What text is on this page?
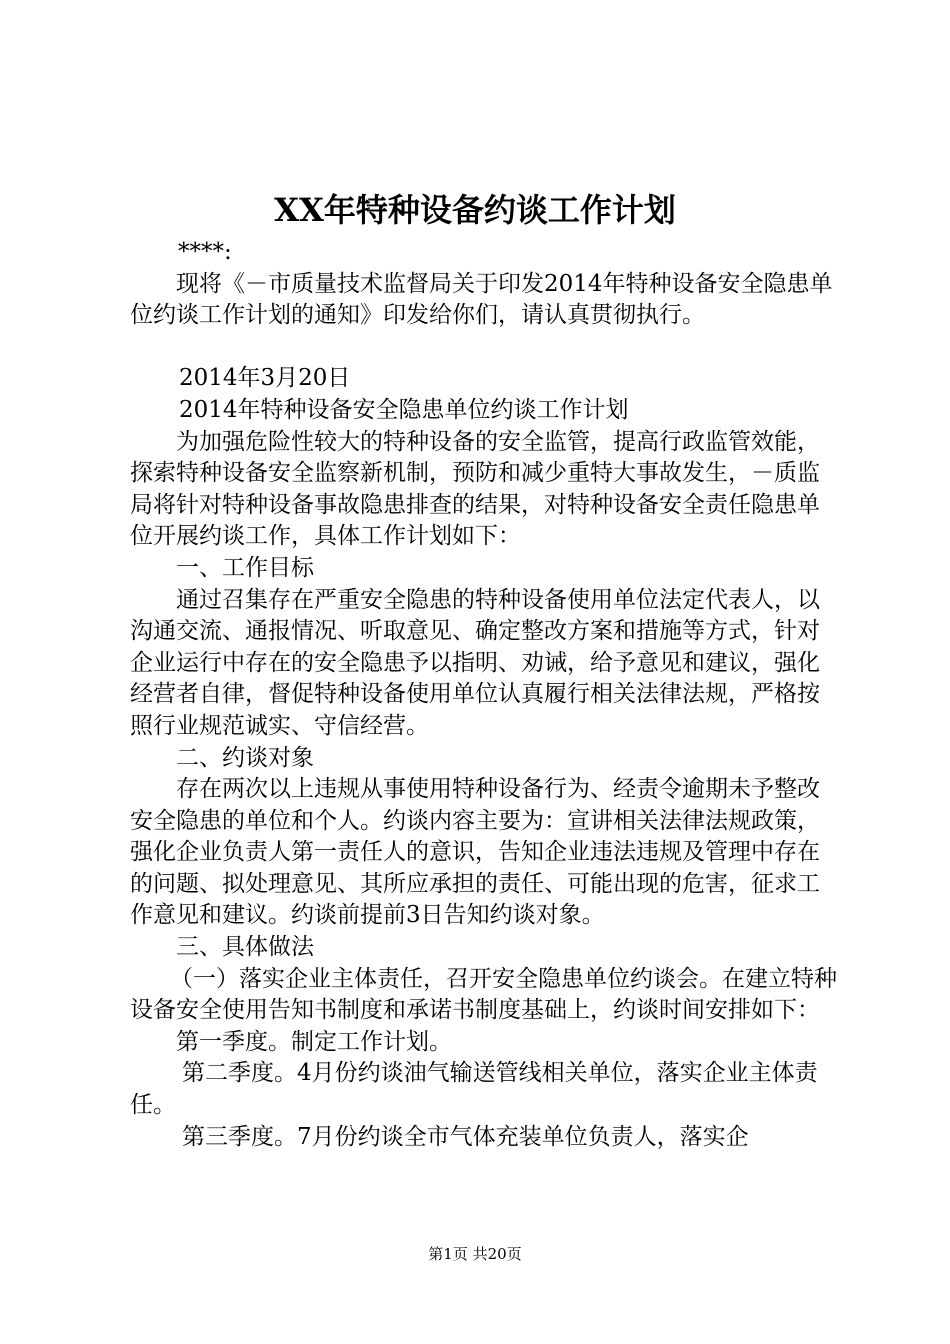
XX年特种设备约谈工作计划

****:

现将《－市质量技术监督局关于印发2014年特种设备安全隐患单位约谈工作计划的通知》印发给你们，请认真贯彻执行。

2014年3月20日

2014年特种设备安全隐患单位约谈工作计划

为加强危险性较大的特种设备的安全监管，提高行政监管效能，探索特种设备安全监察新机制，预防和减少重特大事故发生，－质监局将针对特种设备事故隐患排查的结果，对特种设备安全责任隐患单位开展约谈工作，具体工作计划如下：

一、工作目标

通过召集存在严重安全隐患的特种设备使用单位法定代表人，以沟通交流、通报情况、听取意见、确定整改方案和措施等方式，针对企业运行中存在的安全隐患予以指明、劝诫，给予意见和建议，强化经营者自律，督促特种设备使用单位认真履行相关法律法规，严格按照行业规范诚实、守信经营。

二、约谈对象

存在两次以上违规从事使用特种设备行为、经责令逾期未予整改安全隐患的单位和个人。约谈内容主要为：宣讲相关法律法规政策，强化企业负责人第一责任人的意识，告知企业违法违规及管理中存在的问题、拟处理意见、其所应承担的责任、可能出现的危害，征求工作意见和建议。约谈前提前3日告知约谈对象。

三、具体做法

（一）落实企业主体责任，召开安全隐患单位约谈会。在建立特种设备安全使用告知书制度和承诺书制度基础上，约谈时间安排如下：

第一季度。制定工作计划。

第二季度。4月份约谈油气输送管线相关单位，落实企业主体责任。

第三季度。7月份约谈全市气体充装单位负责人，落实企

第1页 共20页
